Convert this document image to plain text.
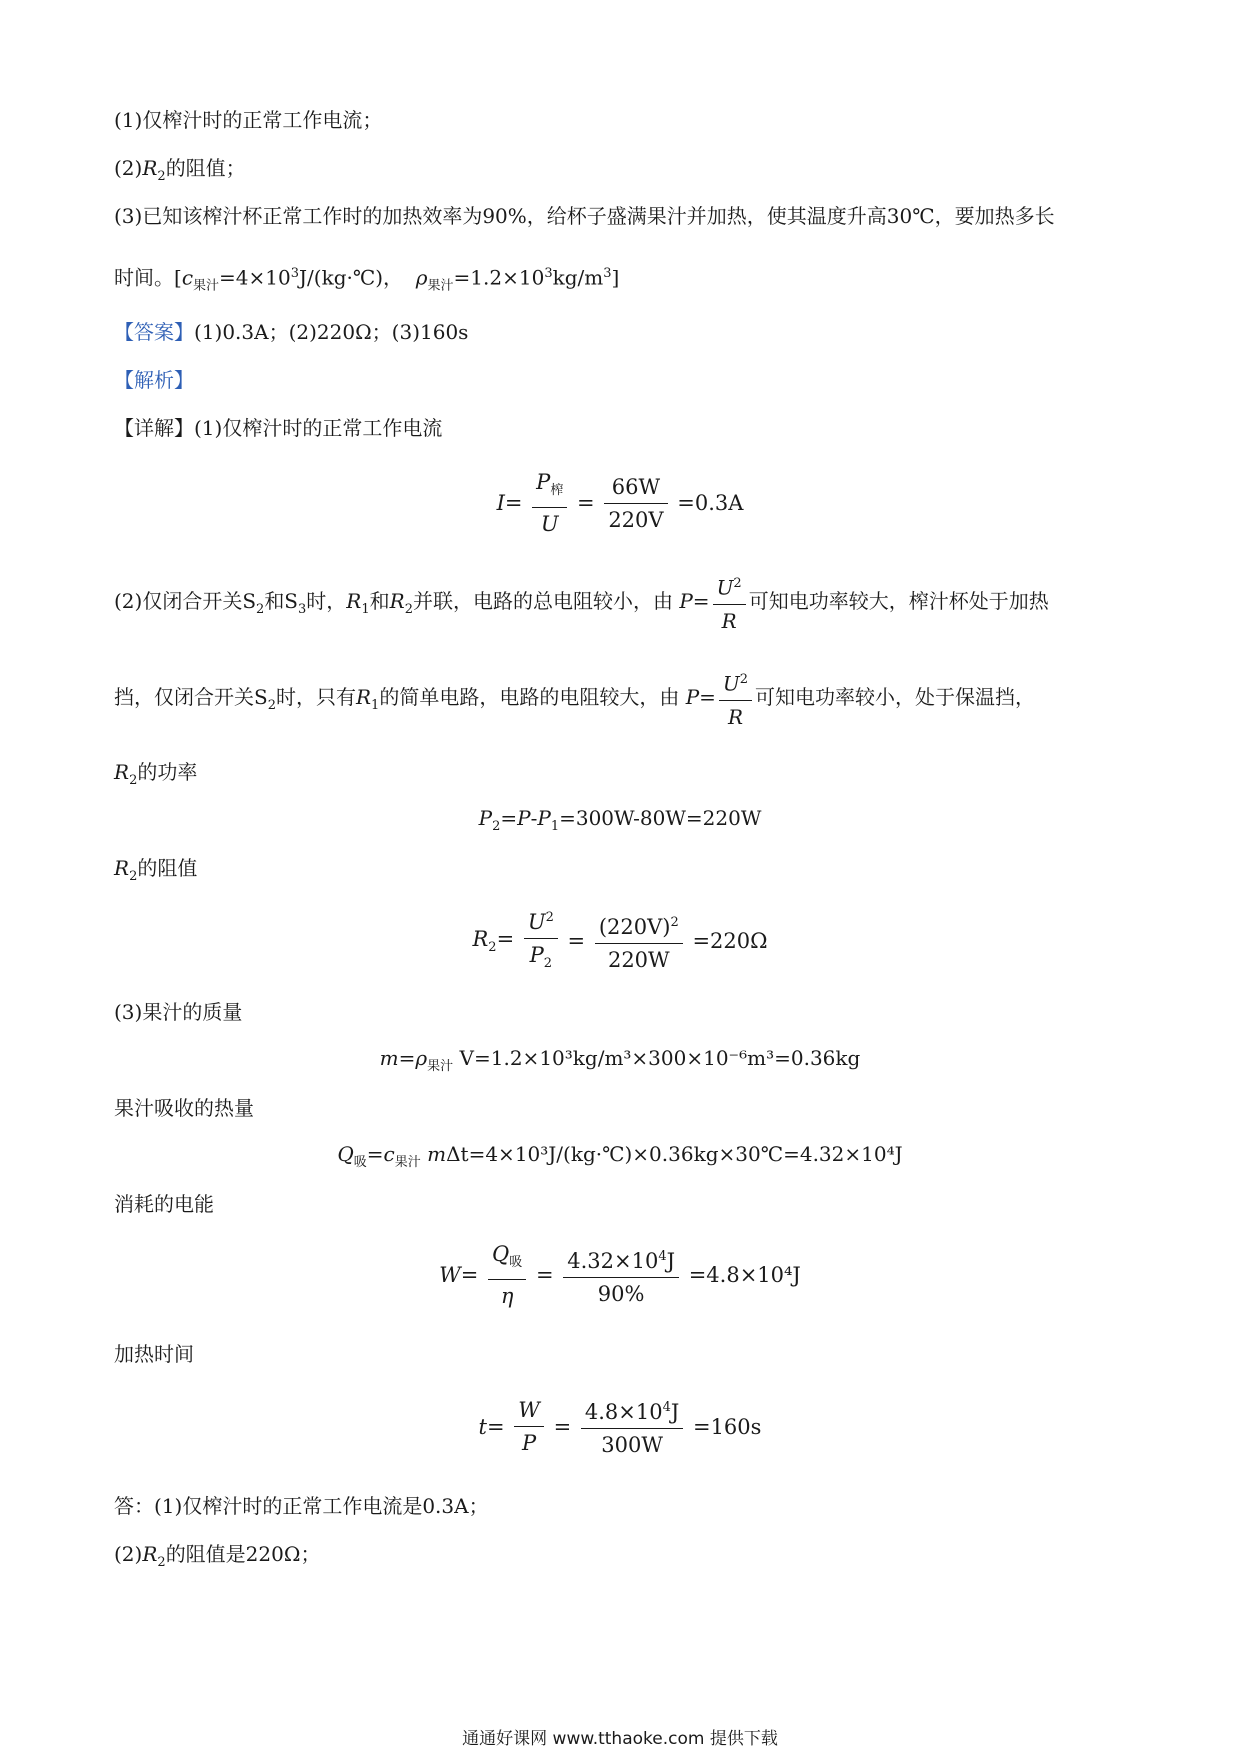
(1)仅榨汁时的正常工作电流；
$(2)R_2$的阻值；
(3)已知该榨汁杯正常工作时的加热效率为90%，给杯子盛满果汁并加热，使其温度升高30℃，要加热多长
时间。[$c_{果汁}=4\times 10^3J/(kg\cdot℃)$， $\rho_{果汁}=1.2\times 10^3kg/m^3$]
【答案】(1)0.3A；(2)220Ω；(3)160s
【解析】
【详解】(1)仅榨汁时的正常工作电流
$I= \frac{P_榨}{U} = \frac{66W}{220V} =0.3A$
(2)仅闭合开关$S_2$和$S_3$时，$R_1$和$R_2$并联，电路的总电阻较小，由 $P= \frac{U^2}{R}$ 可知电功率较大，榨汁杯处于加热
挡，仅闭合开关$S_2$时，只有$R_1$的简单电路，电路的电阻较大，由 $P= \frac{U^2}{R}$ 可知电功率较小，处于保温挡，
$R_2$的功率
$P_2=P-P_1=300W-80W=220W$
$R_2$的阻值
$R_2= \frac{U^2}{P_2} = \frac{(220V)^2}{220W} =220\Omega$
(3)果汁的质量
$m=\rho_{果汁}$ V=1.2×10³kg/m³×300×10⁻⁶m³=0.36kg
果汁吸收的热量
$Q_吸=c_{果汁}$ mΔt=4×10³J/(kg·℃)×0.36kg×30℃=4.32×10⁴J
消耗的电能
$W= \frac{Q_吸}{\eta} = \frac{4.32\times 10^4J}{90\%} =4.8\times 10^4J$
加热时间
$t= \frac{W}{P} = \frac{4.8\times 10^4J}{300W} =160s$
答：(1)仅榨汁时的正常工作电流是0.3A；
$(2)R_2$的阻值是220Ω；
通通好课网 www.tthaoke.com 提供下载
